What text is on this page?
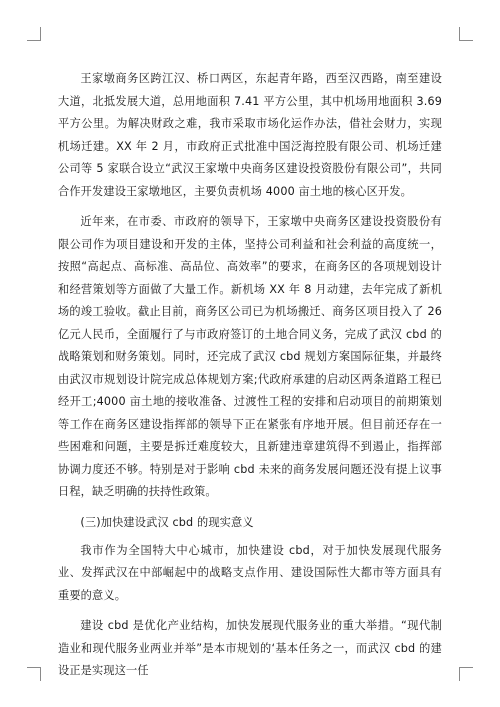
王家墩商务区跨江汉、桥口两区，东起青年路，西至汉西路，南至建设大道，北抵发展大道，总用地面积 7.41 平方公里，其中机场用地面积 3.69 平方公里。为解决财政之难，我市采取市场化运作办法，借社会财力，实现机场迁建。XX 年 2 月，市政府正式批准中国泛海控股有限公司、机场迁建公司等 5 家联合设立“武汉王家墩中央商务区建设投资股份有限公司”，共同合作开发建设王家墩地区，主要负责机场 4000 亩土地的核心区开发。

近年来，在市委、市政府的领导下，王家墩中央商务区建设投资股份有限公司作为项目建设和开发的主体，坚持公司利益和社会利益的高度统一，按照“高起点、高标准、高品位、高效率”的要求，在商务区的各项规划设计和经营策划等方面做了大量工作。新机场 XX 年 8 月动建，去年完成了新机场的竣工验收。截止目前，商务区公司已为机场搬迁、商务区项目投入了 26 亿元人民币，全面履行了与市政府签订的土地合同义务，完成了武汉 cbd 的战略策划和财务策划。同时，还完成了武汉 cbd 规划方案国际征集，并最终由武汉市规划设计院完成总体规划方案;代政府承建的启动区两条道路工程已经开工;4000 亩土地的接收准备、过渡性工程的安排和启动项目的前期策划等工作在商务区建设指挥部的领导下正在紧张有序地开展。但目前还存在一些困难和问题，主要是拆迁难度较大，且新建违章建筑得不到遏止，指挥部协调力度还不够。特别是对于影响 cbd 未来的商务发展问题还没有提上议事日程，缺乏明确的扶持性政策。

(三)加快建设武汉 cbd 的现实意义

我市作为全国特大中心城市，加快建设 cbd，对于加快发展现代服务业、发挥武汉在中部崛起中的战略支点作用、建设国际性大都市等方面具有重要的意义。

建设 cbd 是优化产业结构，加快发展现代服务业的重大举措。“现代制造业和现代服务业两业并举”是本市规划的‘基本任务之一，而武汉 cbd 的建设正是实现这一任
